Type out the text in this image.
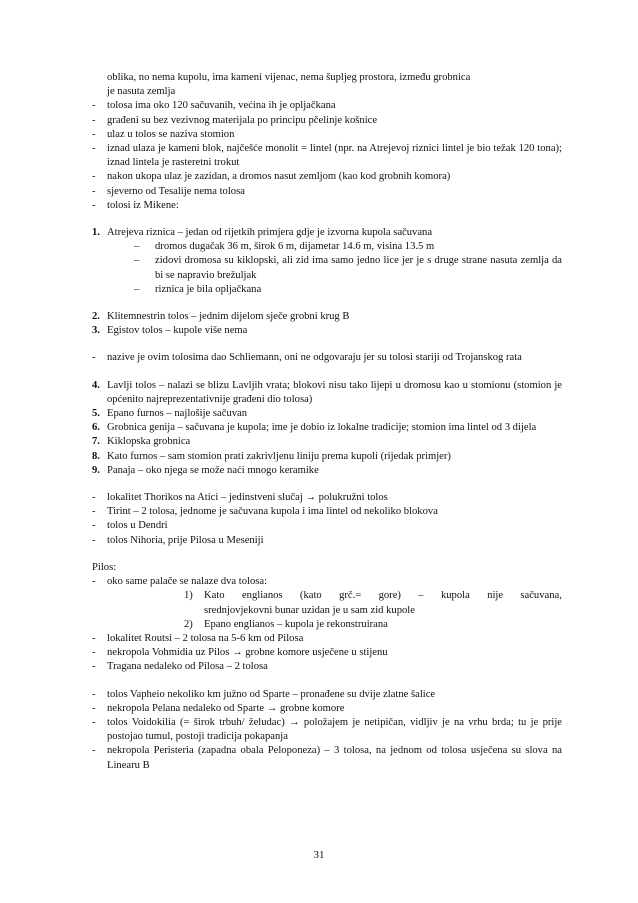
oblika, no nema kupolu, ima kameni vijenac, nema šupljeg prostora, između grobnica
je nasuta zemlja
-	tolosa ima oko 120 sačuvanih, većina ih je opljačkana
-	građeni su bez vezivnog materijala po principu pčelinje košnice
-	ulaz u tolos se naziva stomion
-	iznad ulaza je kameni blok, najčešće monolit = lintel (npr. na Atrejevoj riznici lintel je bio težak 120 tona); iznad lintela je rasteretni trokut
-	nakon ukopa ulaz je zazidan, a dromos nasut zemljom (kao kod grobnih komora)
-	sjeverno od Tesalije nema tolosa
-	tolosi iz Mikene:
1. Atrejeva riznica – jedan od rijetkih primjera gdje je izvorna kupola sačuvana
–	dromos dugačak 36 m, širok 6 m, dijametar 14.6 m, visina 13.5 m
–	zidovi dromosa su kiklopski, ali zid ima samo jedno lice jer je s druge strane nasuta zemlja da bi se napravio brežuljak
–	riznica je bila opljačkana
2. Klitemnestrin tolos – jednim dijelom sječe grobni krug B
3. Egistov tolos – kupole više nema
-	nazive je ovim tolosima dao Schliemann, oni ne odgovaraju jer su tolosi stariji od Trojanskog rata
4. Lavlji tolos – nalazi se blizu Lavljih vrata; blokovi nisu tako lijepi u dromosu kao u stomionu (stomion je općenito najreprezentativnije građeni dio tolosa)
5. Epano furnos – najlošije sačuvan
6. Grobnica genija – sačuvana je kupola; ime je dobio iz lokalne tradicije; stomion ima lintel od 3 dijela
7. Kiklopska grobnica
8. Kato furnos – sam stomion prati zakrivljenu liniju prema kupoli (rijedak primjer)
9. Panaja – oko njega se može naći mnogo keramike
-	lokalitet Thorikos na Atici – jedinstveni slučaj → polukružni tolos
-	Tirint – 2 tolosa, jednome je sačuvana kupola i ima lintel od nekoliko blokova
-	tolos u Dendri
-	tolos Nihoria, prije Pilosa u Meseniji
Pilos:
-	oko same palače se nalaze dva tolosa:
1)	Kato englianos (kato grč.= gore) – kupola nije sačuvana,
srednjovjekovni bunar uzidan je u sam zid kupole
2)	Epano englianos – kupola je rekonstruirana
-	lokalitet Routsi – 2 tolosa na 5-6 km od Pilosa
-	nekropola Vohmidia uz Pilos → grobne komore usječene u stijenu
-	Tragana nedaleko od Pilosa – 2 tolosa
-	tolos Vapheio nekoliko km južno od Sparte – pronađene su dvije zlatne šalice
-	nekropola Pelana nedaleko od Sparte → grobne komore
-	tolos Voidokilia (= širok trbuh/ želudac) → položajem je netipičan, vidljiv je na vrhu brda; tu je prije postojao tumul, postoji tradicija pokapanja
-	nekropola Peristeria (zapadna obala Peloponeza) – 3 tolosa, na jednom od tolosa usječena su slova na Linearu B
31
